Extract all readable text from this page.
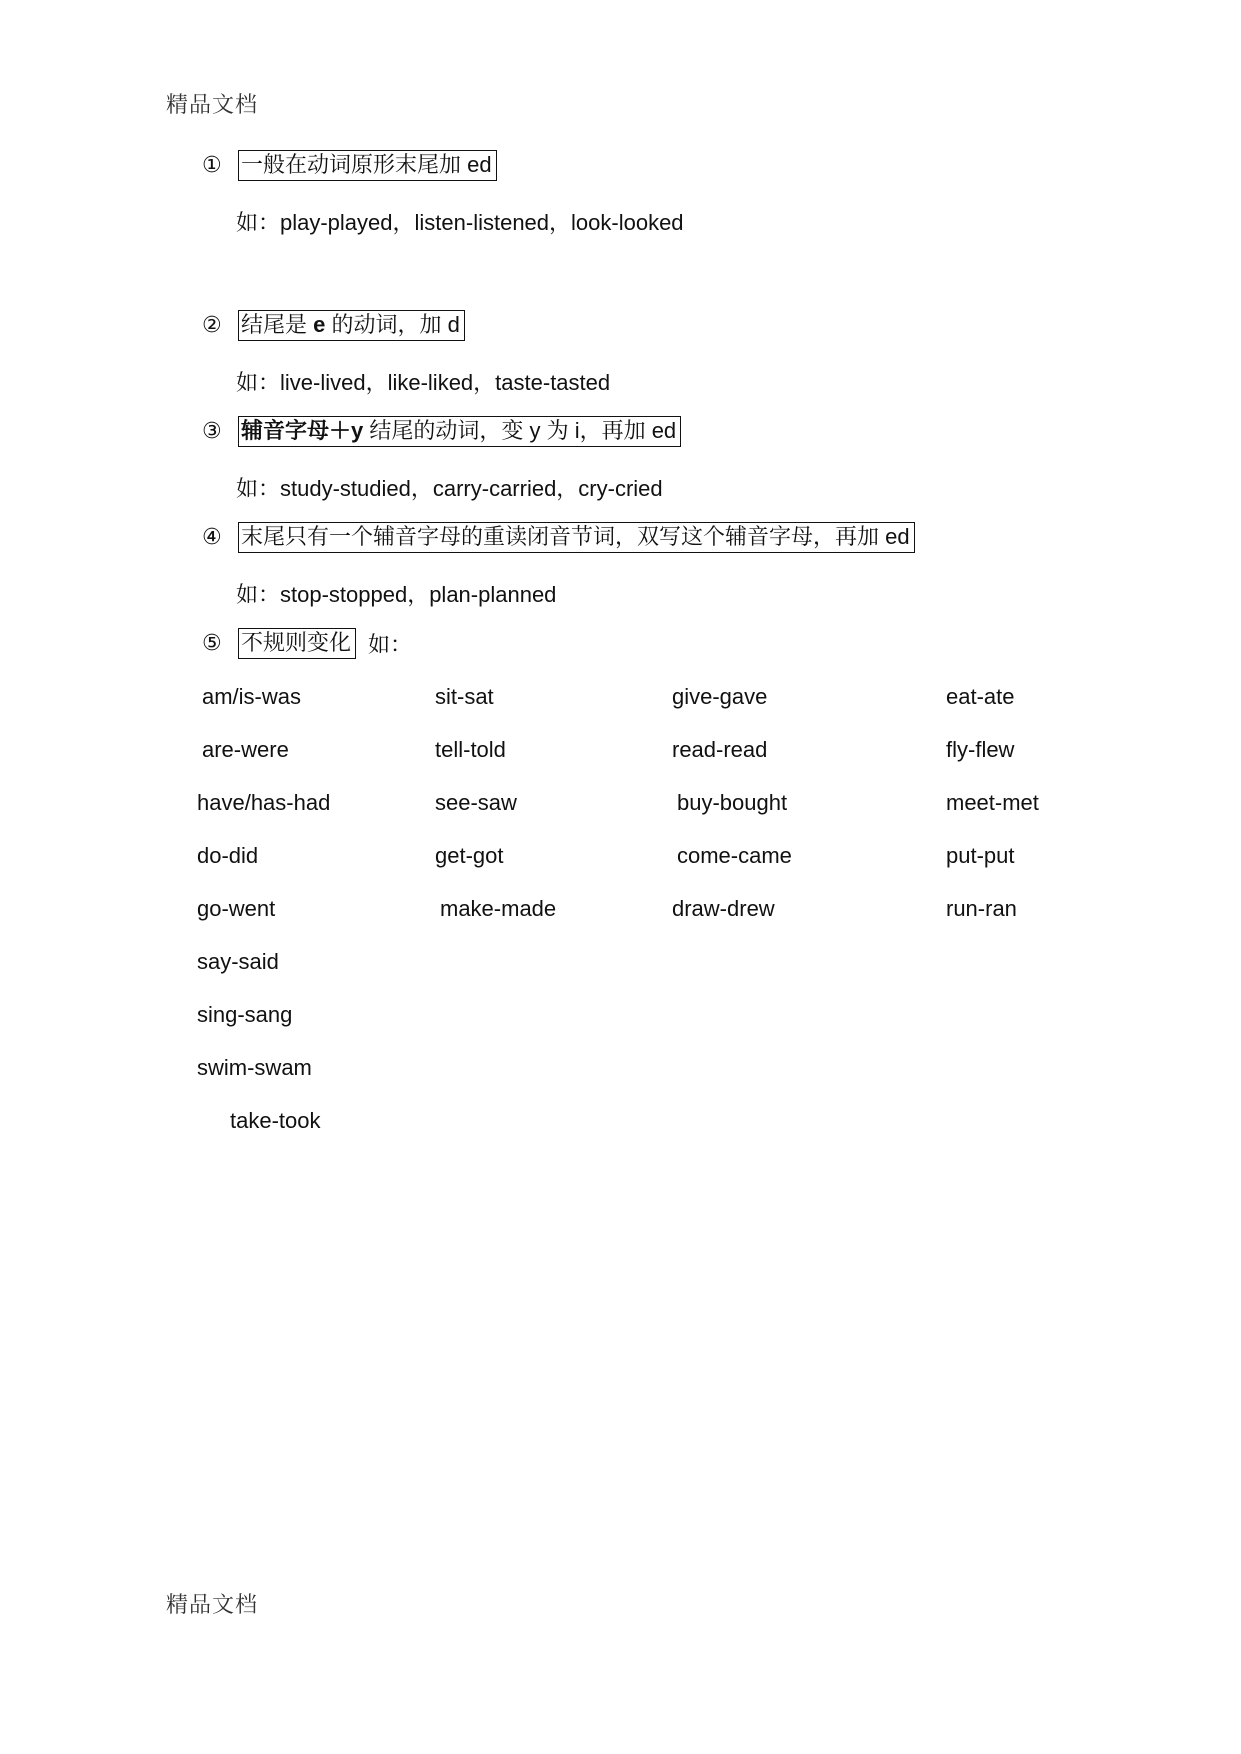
精品文档
① 一般在动词原形末尾加 ed
如：play-played，listen-listened，look-looked
② 结尾是 e 的动词，加 d
如：live-lived，like-liked，taste-tasted
③ 辅音字母＋y 结尾的动词，变 y 为 i，再加 ed
如：study-studied，carry-carried，cry-cried
④ 末尾只有一个辅音字母的重读闭音节词，双写这个辅音字母，再加 ed
如：stop-stopped，plan-planned
⑤ 不规则变化 如：
am/is-was	sit-sat	give-gave	eat-ate
are-were	tell-told	read-read	fly-flew
have/has-had	see-saw	buy-bought	meet-met
do-did	get-got	come-came	put-put
go-went	make-made	draw-drew	run-ran
say-said
sing-sang
swim-swam
take-took
精品文档
